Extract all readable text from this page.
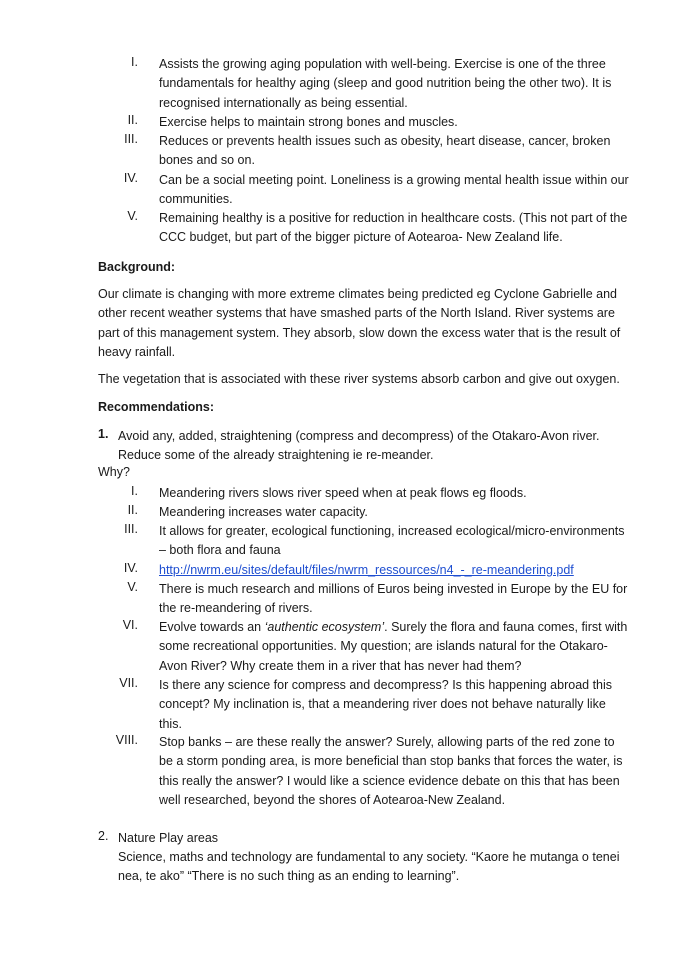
I. Assists the growing aging population with well-being. Exercise is one of the three fundamentals for healthy aging (sleep and good nutrition being the other two). It is recognised internationally as being essential.
II. Exercise helps to maintain strong bones and muscles.
III. Reduces or prevents health issues such as obesity, heart disease, cancer, broken bones and so on.
IV. Can be a social meeting point. Loneliness is a growing mental health issue within our communities.
V. Remaining healthy is a positive for reduction in healthcare costs. (This not part of the CCC budget, but part of the bigger picture of Aotearoa- New Zealand life.
Background:
Our climate is changing with more extreme climates being predicted eg Cyclone Gabrielle and other recent weather systems that have smashed parts of the North Island. River systems are part of this management system. They absorb, slow down the excess water that is the result of heavy rainfall.
The vegetation that is associated with these river systems absorb carbon and give out oxygen.
Recommendations:
1. Avoid any, added, straightening (compress and decompress) of the Otakaro-Avon river. Reduce some of the already straightening ie re-meander.
Why?
I. Meandering rivers slows river speed when at peak flows eg floods.
II. Meandering increases water capacity.
III. It allows for greater, ecological functioning, increased ecological/micro-environments – both flora and fauna
IV. http://nwrm.eu/sites/default/files/nwrm_ressources/n4_-_re-meandering.pdf
V. There is much research and millions of Euros being invested in Europe by the EU for the re-meandering of rivers.
VI. Evolve towards an ‘authentic ecosystem’. Surely the flora and fauna comes, first with some recreational opportunities. My question; are islands natural for the Otakaro-Avon River? Why create them in a river that has never had them?
VII. Is there any science for compress and decompress? Is this happening abroad this concept? My inclination is, that a meandering river does not behave naturally like this.
VIII. Stop banks – are these really the answer? Surely, allowing parts of the red zone to be a storm ponding area, is more beneficial than stop banks that forces the water, is this really the answer? I would like a science evidence debate on this that has been well researched, beyond the shores of Aotearoa-New Zealand.
2. Nature Play areas
Science, maths and technology are fundamental to any society. “Kaore he mutanga o tenei nea, te ako” “There is no such thing as an ending to learning”.
